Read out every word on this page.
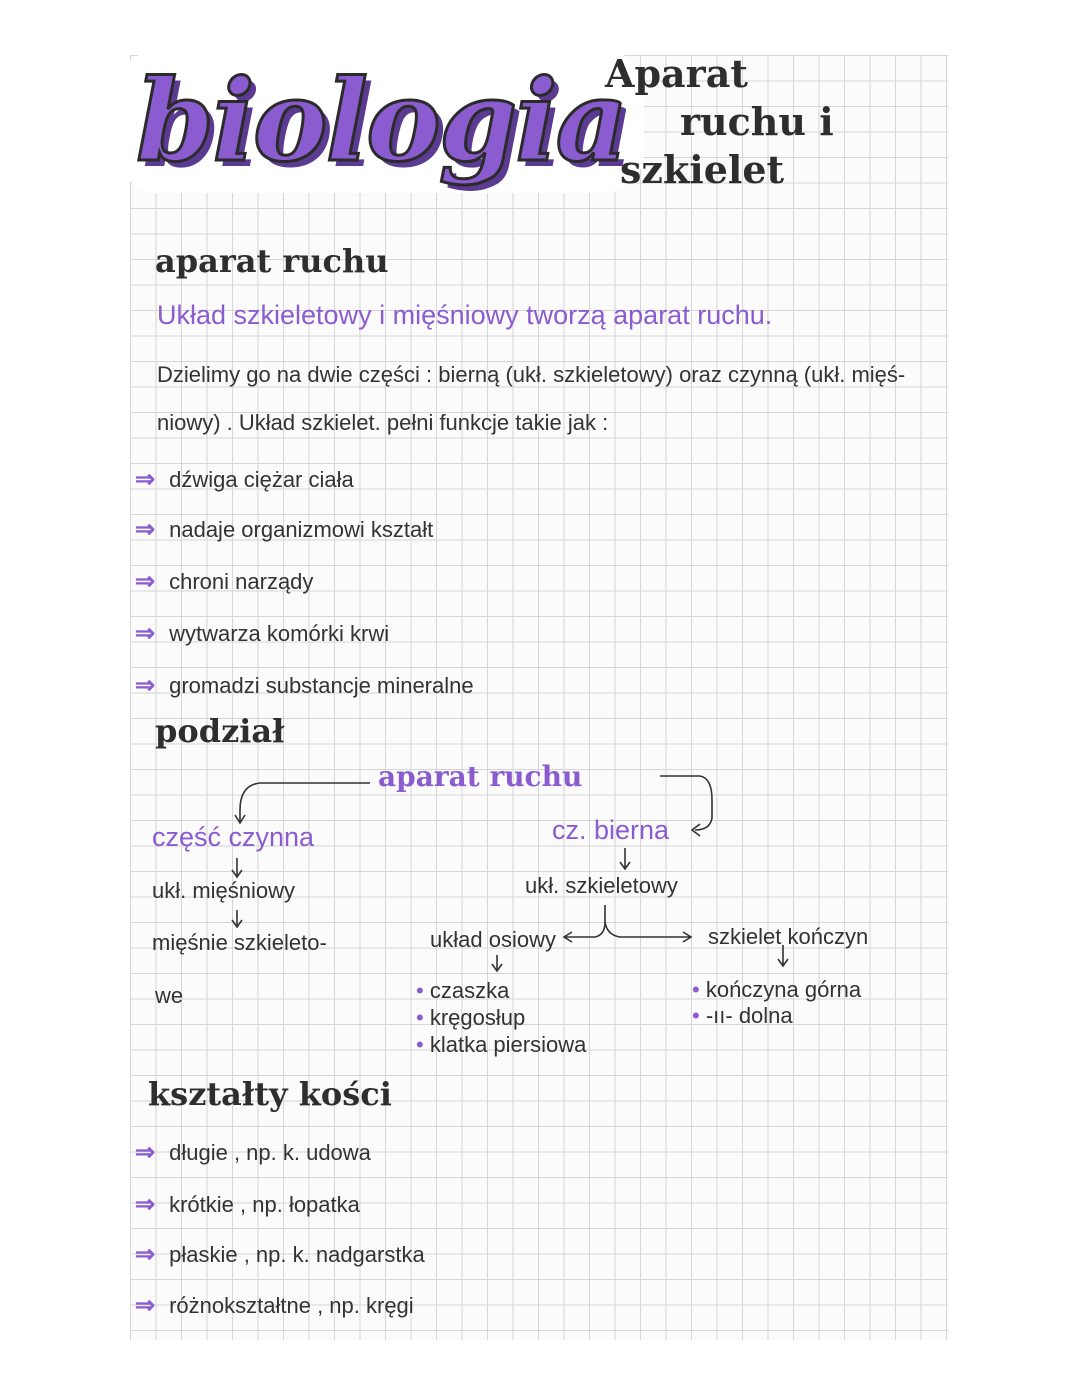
biologia
Aparat
ruchu i
szkielet
aparat ruchu
Układ szkieletowy i mięśniowy tworzą aparat ruchu.
Dzielimy go na dwie części : bierną (ukł. szkieletowy) oraz czynną (ukł. mięś-
niowy) . Układ szkielet. pełni funkcje takie jak :
⇒ dźwiga ciężar ciała
⇒ nadaje organizmowi kształt
⇒ chroni narządy
⇒ wytwarza komórki krwi
⇒ gromadzi substancje mineralne
podział
aparat ruchu
część czynna	cz. bierna
ukł. mięśniowy
mięśnie szkieleto-
we
ukł. szkieletowy
układ osiowy	szkielet kończyn
• czaszka
• kręgosłup
• klatka piersiowa
• kończyna górna
• -ıı- dolna
kształty kości
⇒ długie , np. k. udowa
⇒ krótkie , np. łopatka
⇒ płaskie , np. k. nadgarstka
⇒ różnokształtne , np. kręgi
